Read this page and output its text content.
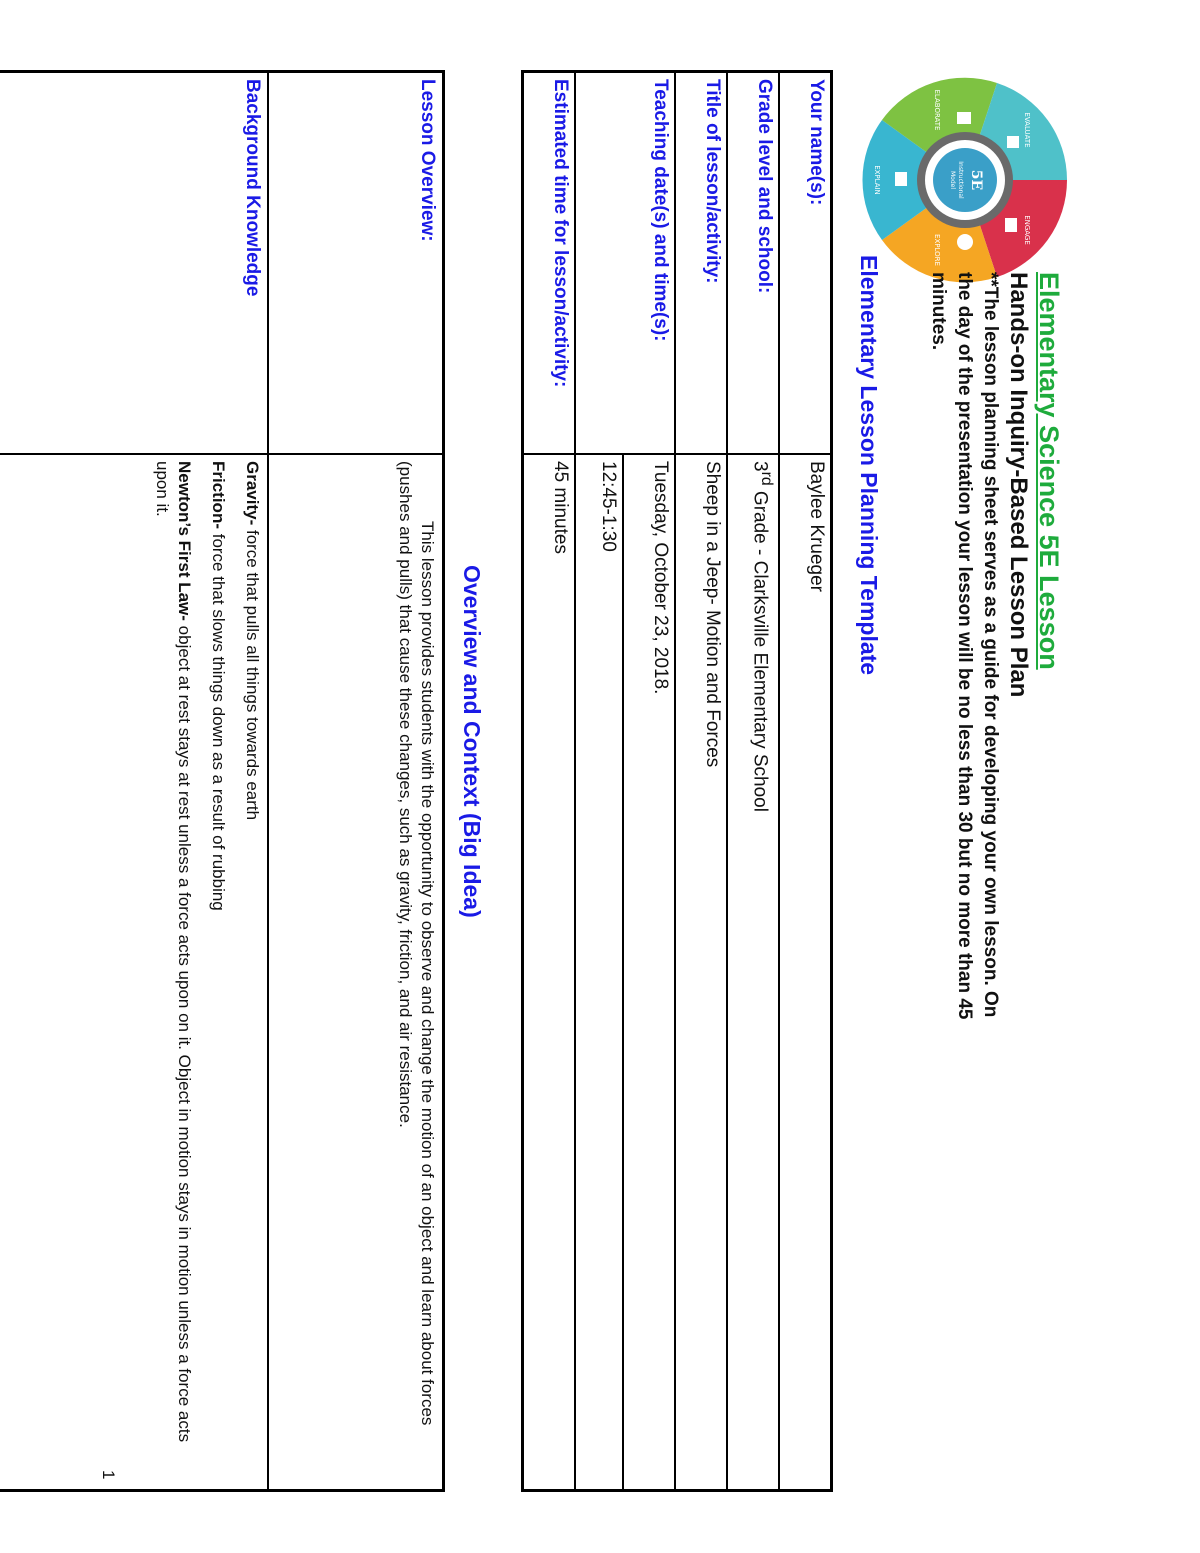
5E
Instructional
Model
ENGAGE
EXPLORE
EXPLAIN
ELABORATE	EVALUATE
Elementary Science 5E Lesson
Hands-on Inquiry-Based Lesson Plan
**The lesson planning sheet serves as a guide for developing your own lesson. On the day of the presentation your lesson will be no less than 30 but no more than 45 minutes.
Elementary Lesson Planning Template
Your name(s):	Baylee Krueger
Grade level and school:	3rd Grade - Clarksville Elementary School
Title of lesson/activity:	Sheep in a Jeep- Motion and Forces
Teaching date(s) and time(s):	Tuesday, October 23, 2018.
	12:45-1:30
Estimated time for lesson/activity:	45 minutes
Overview and Context (Big Idea)
Lesson Overview:	This lesson provides students with the opportunity to observe and change the motion of an object and learn about forces (pushes and pulls) that cause these changes, such as gravity, friction, and air resistance.

Background Knowledge	Gravity- force that pulls all things towards earth

Friction- force that slows things down as a result of rubbing

Newton’s First Law- object at rest stays at rest unless a force acts upon on it. Object in motion stays in motion unless a force acts upon it.

1
